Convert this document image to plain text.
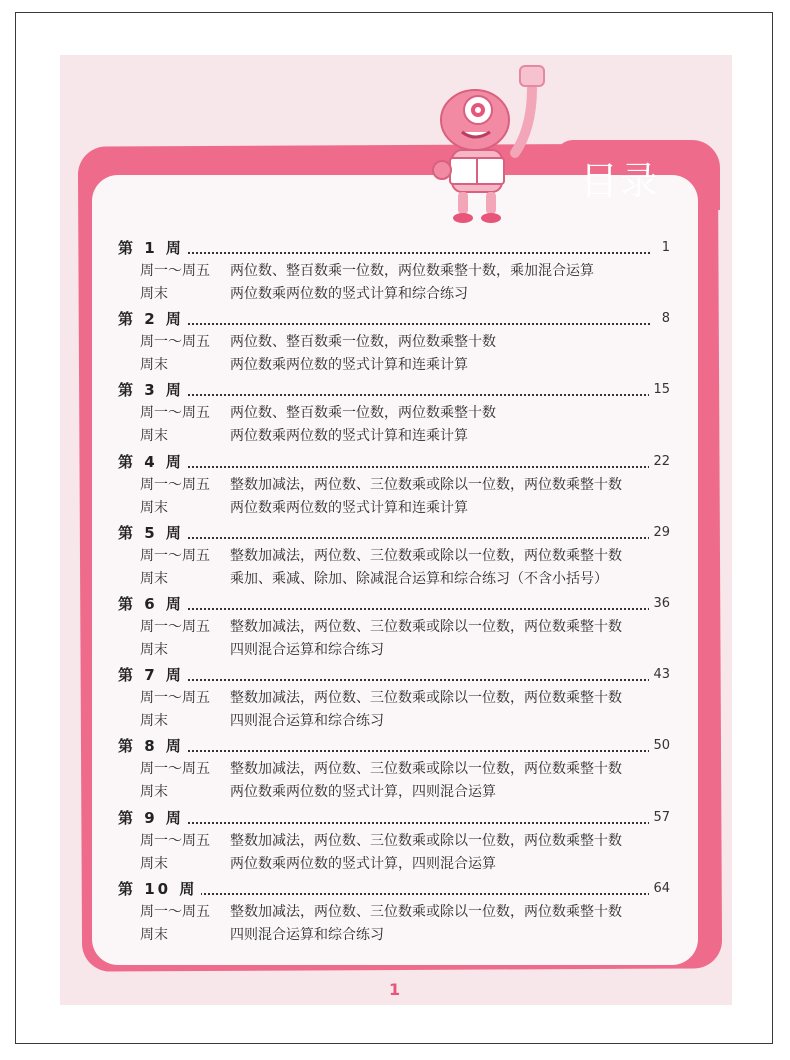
目录
第 1 周	1
周一～周五 两位数、整百数乘一位数，两位数乘整十数，乘加混合运算
周末	两位数乘两位数的竖式计算和综合练习
第 2 周	8
周一～周五 两位数、整百数乘一位数，两位数乘整十数
周末	两位数乘两位数的竖式计算和连乘计算
第 3 周	15
周一～周五 两位数、整百数乘一位数，两位数乘整十数
周末	两位数乘两位数的竖式计算和连乘计算
第 4 周	22
周一～周五 整数加减法，两位数、三位数乘或除以一位数，两位数乘整十数
周末	两位数乘两位数的竖式计算和连乘计算
第 5 周	29
周一～周五 整数加减法，两位数、三位数乘或除以一位数，两位数乘整十数
周末	乘加、乘减、除加、除减混合运算和综合练习（不含小括号）
第 6 周	36
周一～周五 整数加减法，两位数、三位数乘或除以一位数，两位数乘整十数
周末	四则混合运算和综合练习
第 7 周	43
周一～周五 整数加减法，两位数、三位数乘或除以一位数，两位数乘整十数
周末	四则混合运算和综合练习
第 8 周	50
周一～周五 整数加减法，两位数、三位数乘或除以一位数，两位数乘整十数
周末	两位数乘两位数的竖式计算，四则混合运算
第 9 周	57
周一～周五 整数加减法，两位数、三位数乘或除以一位数，两位数乘整十数
周末	两位数乘两位数的竖式计算，四则混合运算
第 10 周	64
周一～周五 整数加减法，两位数、三位数乘或除以一位数，两位数乘整十数
周末	四则混合运算和综合练习
1
